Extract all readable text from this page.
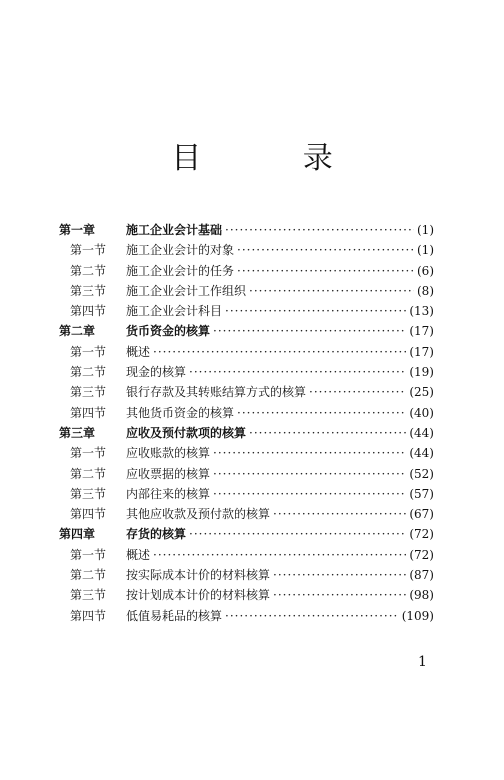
目 录
第一章	施工企业会计基础 ·····	(1)
第一节	施工企业会计的对象 ·····	(1)
第二节	施工企业会计的任务 ·····	(6)
第三节	施工企业会计工作组织 ·····	(8)
第四节	施工企业会计科目 ·····	(13)
第二章	货币资金的核算 ·····	(17)
第一节	概述 ·····	(17)
第二节	现金的核算 ·····	(19)
第三节	银行存款及其转账结算方式的核算 ·····	(25)
第四节	其他货币资金的核算 ·····	(40)
第三章	应收及预付款项的核算 ·····	(44)
第一节	应收账款的核算 ·····	(44)
第二节	应收票据的核算 ·····	(52)
第三节	内部往来的核算 ·····	(57)
第四节	其他应收款及预付款的核算 ·····	(67)
第四章	存货的核算 ·····	(72)
第一节	概述 ·····	(72)
第二节	按实际成本计价的材料核算 ·····	(87)
第三节	按计划成本计价的材料核算 ·····	(98)
第四节	低值易耗品的核算 ·····	(109)
1
